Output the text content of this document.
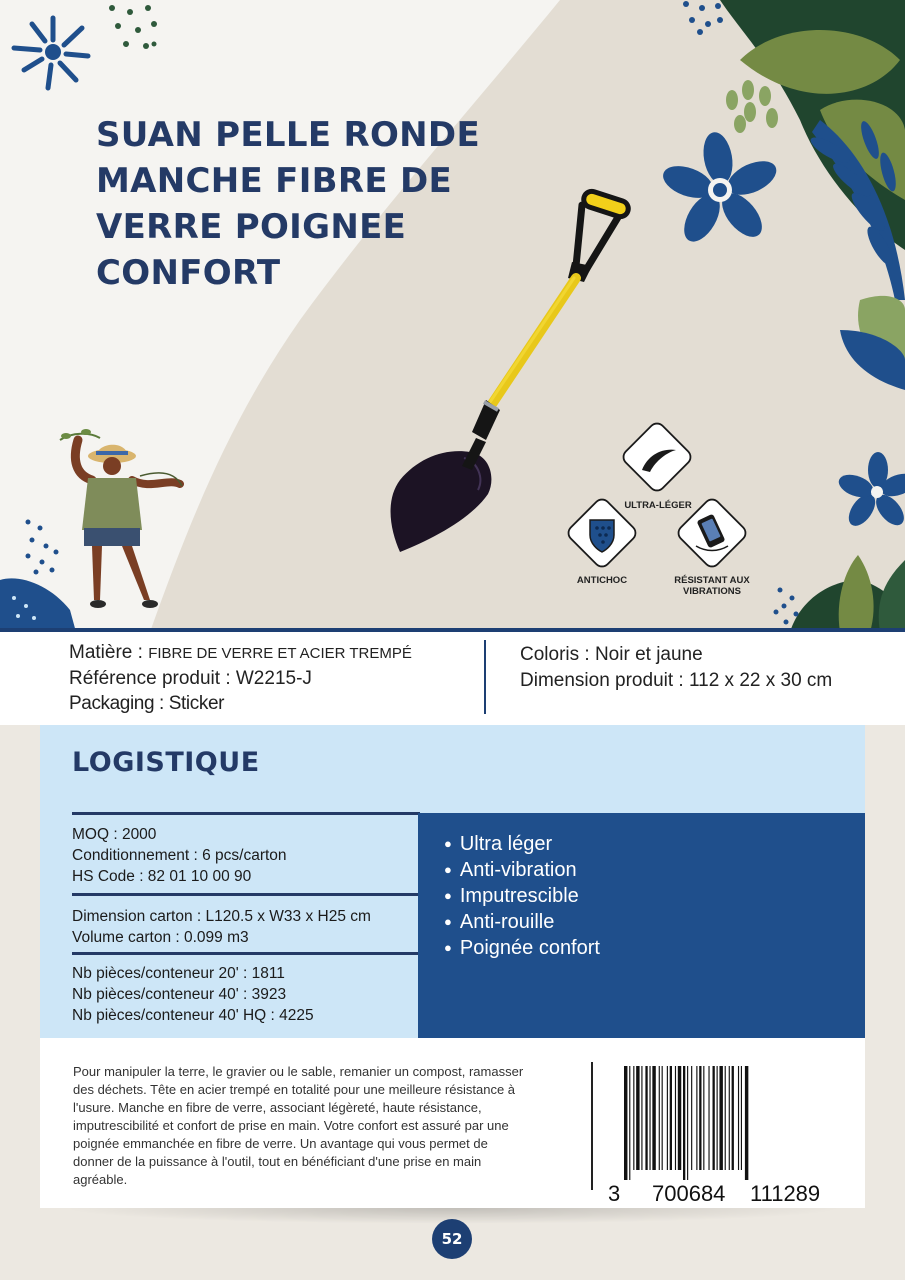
SUAN PELLE RONDE
MANCHE FIBRE DE
VERRE POIGNEE
CONFORT
ULTRA-LÉGER
ANTICHOC	RÉSISTANT AUX
VIBRATIONS
Matière : FIBRE DE VERRE ET ACIER TREMPÉ
Référence produit : W2215-J
Packaging : Sticker
Coloris : Noir et jaune
Dimension produit : 112 x 22 x 30 cm
LOGISTIQUE
MOQ : 2000
Conditionnement : 6 pcs/carton
HS Code : 82 01 10 00 90
Dimension carton : L120.5 x W33 x H25 cm
Volume carton : 0.099 m3
Nb pièces/conteneur 20' : 1811
Nb pièces/conteneur 40' : 3923
Nb pièces/conteneur 40' HQ : 4225
● Ultra léger
● Anti-vibration
● Imputrescible
● Anti-rouille
● Poignée confort
Pour manipuler la terre, le gravier ou le sable, remanier un compost, ramasser
des déchets. Tête en acier trempé en totalité pour une meilleure résistance à
l'usure. Manche en fibre de verre, associant légèreté, haute résistance,
imputrescibilité et confort de prise en main. Votre confort est assuré par une
poignée emmanchée en fibre de verre. Un avantage qui vous permet de
donner de la puissance à l'outil, tout en bénéficiant d'une prise en main
agréable.
3 700684 111289
52
